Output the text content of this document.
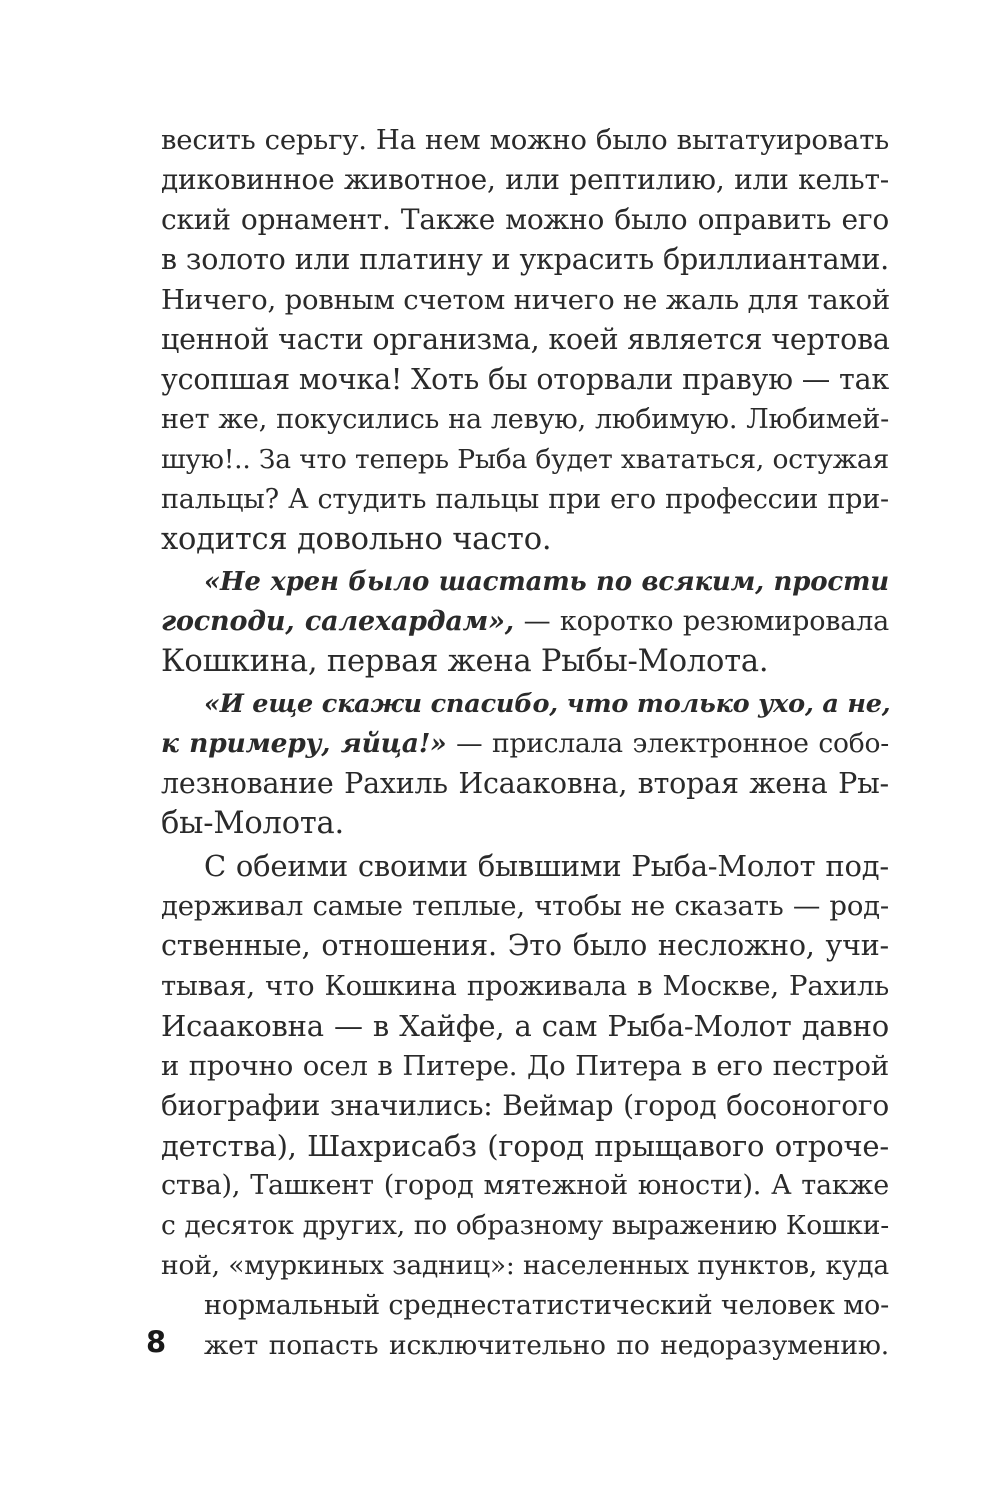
весить серьгу. На нем можно было вытатуировать
диковинное животное, или рептилию, или кельт-
ский орнамент. Также можно было оправить его
в золото или платину и украсить бриллиантами.
Ничего, ровным счетом ничего не жаль для такой
ценной части организма, коей является чертова
усопшая мочка! Хоть бы оторвали правую — так
нет же, покусились на левую, любимую. Любимей-
шую!.. За что теперь Рыба будет хвататься, остужая
пальцы? А студить пальцы при его профессии при-
ходится довольно часто.
«Не хрен было шастать по всяким, прости
господи, салехардам», — коротко резюмировала
Кошкина, первая жена Рыбы-Молота.
«И еще скажи спасибо, что только ухо, а не,
к примеру, яйца!» — прислала электронное собо-
лезнование Рахиль Исааковна, вторая жена Ры-
бы-Молота.
С обеими своими бывшими Рыба-Молот под-
держивал самые теплые, чтобы не сказать — род-
ственные, отношения. Это было несложно, учи-
тывая, что Кошкина проживала в Москве, Рахиль
Исааковна — в Хайфе, а сам Рыба-Молот давно
и прочно осел в Питере. До Питера в его пестрой
биографии значились: Веймар (город босоногого
детства), Шахрисабз (город прыщавого отроче-
ства), Ташкент (город мятежной юности). А также
с десяток других, по образному выражению Кошки-
ной, «муркиных задниц»: населенных пунктов, куда
нормальный среднестатистический человек мо-
жет попасть исключительно по недоразумению.
8
